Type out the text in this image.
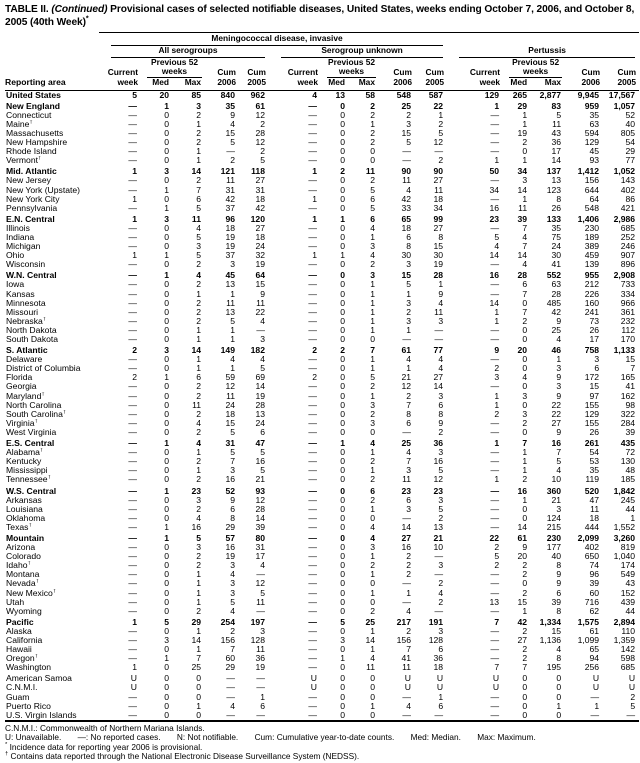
TABLE II. (Continued) Provisional cases of selected notifiable diseases, United States, weeks ending October 7, 2006, and October 8, 2005 (40th Week)*
Reporting area	Meningococcal disease, invasive														

	All serogroups					Serogroup unknown					Pertussis				

	Current week	Previous 52 weeks		Cum 2006	Cum 2005	Current week	Previous 52 weeks		Cum 2006	Cum 2005	Current week	Previous 52 weeks		Cum 2006	Cum 2005
		Med	Max				Med	Max				Med	Max		
United States	5	20	85	840	962	4	13	58	548	587	129	265	2,877	9,945	17,567
New England	—	1	3	35	61	—	0	2	25	22	1	29	83	959	1,057
Connecticut	—	0	2	9	12	—	0	2	2	1	—	1	5	35	52
Maine†	—	0	1	4	2	—	0	1	3	2	—	1	11	63	40
Massachusetts	—	0	2	15	28	—	0	2	15	5	—	19	43	594	805
New Hampshire	—	0	2	5	12	—	0	2	5	12	—	2	36	129	54
Rhode Island	—	0	1	—	2	—	0	0	—	—	—	0	17	45	29
Vermont†	—	0	1	2	5	—	0	0	—	2	1	1	14	93	77
Mid. Atlantic	1	3	14	121	118	1	2	11	90	90	50	34	137	1,412	1,052
New Jersey	—	0	2	11	27	—	0	2	11	27	—	3	13	156	143
New York (Upstate)	—	1	7	31	31	—	0	5	4	11	34	14	123	644	402
New York City	1	0	6	42	18	1	0	6	42	18	—	1	8	64	86
Pennsylvania	—	1	5	37	42	—	0	5	33	34	16	11	26	548	421
E.N. Central	1	3	11	96	120	1	1	6	65	99	23	39	133	1,406	2,986
Illinois	—	0	4	18	27	—	0	4	18	27	—	7	35	230	685
Indiana	—	0	5	19	18	—	0	1	6	8	5	4	75	189	252
Michigan	—	0	3	19	24	—	0	3	8	15	4	7	24	389	246
Ohio	1	1	5	37	32	1	1	4	30	30	14	14	30	459	907
Wisconsin	—	0	2	3	19	—	0	2	3	19	—	4	41	139	896
W.N. Central	—	1	4	45	64	—	0	3	15	28	16	28	552	955	2,908
Iowa	—	0	2	13	15	—	0	1	5	1	—	6	63	212	733
Kansas	—	0	1	1	9	—	0	1	1	9	—	7	28	226	334
Minnesota	—	0	2	11	11	—	0	1	3	4	14	0	485	160	966
Missouri	—	0	2	13	22	—	0	1	2	11	1	7	42	241	361
Nebraska†	—	0	2	5	4	—	0	1	3	3	1	2	9	73	232
North Dakota	—	0	1	1	—	—	0	1	1	—	—	0	25	26	112
South Dakota	—	0	1	1	3	—	0	0	—	—	—	0	4	17	170
S. Atlantic	2	3	14	149	182	2	2	7	61	77	9	20	46	758	1,133
Delaware	—	0	1	4	4	—	0	1	4	4	—	0	1	3	15
District of Columbia	—	0	1	1	5	—	0	1	1	4	2	0	3	6	7
Florida	2	1	6	59	69	2	0	5	21	27	3	4	9	172	165
Georgia	—	0	2	12	14	—	0	2	12	14	—	0	3	15	41
Maryland†	—	0	2	11	19	—	0	1	2	3	1	3	9	97	162
North Carolina	—	0	11	24	28	—	0	3	7	6	1	0	22	155	98
South Carolina†	—	0	2	18	13	—	0	2	8	8	2	3	22	129	322
Virginia†	—	0	4	15	24	—	0	3	6	9	—	2	27	155	284
West Virginia	—	0	2	5	6	—	0	0	—	2	—	0	9	26	39
E.S. Central	—	1	4	31	47	—	1	4	25	36	1	7	16	261	435
Alabama†	—	0	1	5	5	—	0	1	4	3	—	1	7	54	72
Kentucky	—	0	2	7	16	—	0	2	7	16	—	1	5	53	130
Mississippi	—	0	1	3	5	—	0	1	3	5	—	1	4	35	48
Tennessee†	—	0	2	16	21	—	0	2	11	12	1	2	10	119	185
W.S. Central	—	1	23	52	93	—	0	6	23	23	—	16	360	520	1,842
Arkansas	—	0	3	9	12	—	0	2	6	3	—	1	21	47	245
Louisiana	—	0	2	6	28	—	0	1	3	5	—	0	3	11	44
Oklahoma	—	0	4	8	14	—	0	0	—	2	—	0	124	18	1
Texas†	—	1	16	29	39	—	0	4	14	13	—	14	215	444	1,552
Mountain	—	1	5	57	80	—	0	4	27	21	22	61	230	2,099	3,260
Arizona	—	0	3	16	31	—	0	3	16	10	2	9	177	402	819
Colorado	—	0	2	19	17	—	0	1	2	—	5	20	40	650	1,040
Idaho†	—	0	2	3	4	—	0	2	2	3	2	2	8	74	174
Montana	—	0	1	4	—	—	0	1	2	—	—	2	9	96	549
Nevada†	—	0	1	3	12	—	0	0	—	2	—	0	9	39	43
New Mexico†	—	0	1	3	5	—	0	1	1	4	—	2	6	60	152
Utah	—	0	1	5	11	—	0	0	—	2	13	15	39	716	439
Wyoming	—	0	2	4	—	—	0	2	4	—	—	1	8	62	44
Pacific	1	5	29	254	197	—	5	25	217	191	7	42	1,334	1,575	2,894
Alaska	—	0	1	2	3	—	0	1	2	3	—	2	15	61	110
California	—	3	14	156	128	—	3	14	156	128	—	27	1,136	1,099	1,359
Hawaii	—	0	1	7	11	—	0	1	7	6	—	2	4	65	142
Oregon†	—	1	7	60	36	—	1	4	41	36	—	2	8	94	598
Washington	1	0	25	29	19	—	0	11	11	18	7	7	195	256	685
American Samoa	U	0	0	—	—	U	0	0	U	U	U	0	0	U	U
C.N.M.I.	U	0	0	—	—	U	0	0	U	U	U	0	0	U	U
Guam	—	0	0	—	1	—	0	0	—	1	—	0	0	—	2
Puerto Rico	—	0	1	4	6	—	0	1	4	6	—	0	1	1	5
U.S. Virgin Islands	—	0	0	—	—	—	0	0	—	—	—	0	0	—	—
C.N.M.I.: Commonwealth of Northern Mariana Islands.
U: Unavailable. —: No reported cases. N: Not notifiable. Cum: Cumulative year-to-date counts. Med: Median. Max: Maximum.
* Incidence data for reporting year 2006 is provisional.
† Contains data reported through the National Electronic Disease Surveillance System (NEDSS).
